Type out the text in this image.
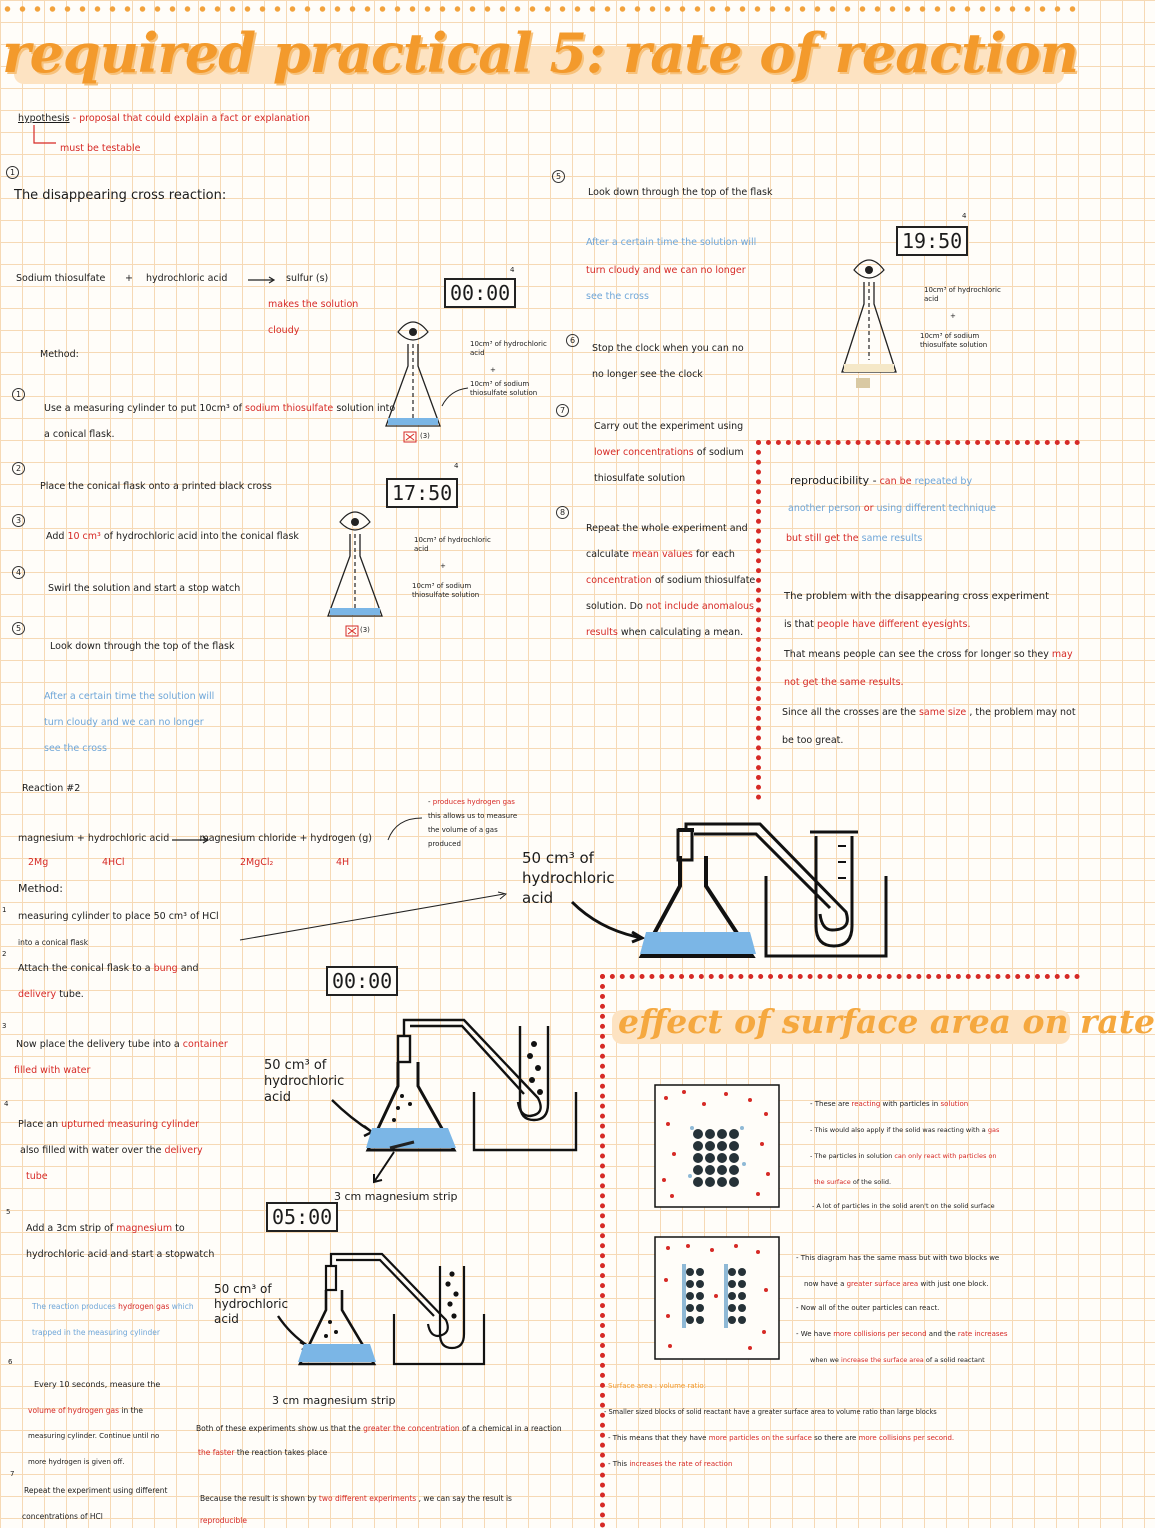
required practical 5: rate of reaction
hypothesis - proposal that could explain a fact or explanation
must be testable
1
The disappearing cross reaction:
Sodium thiosulfate + hydrochloric acid	sulfur (s)
makes the solution
cloudy
Method:
1
Use a measuring cylinder to put 10cm³ of sodium thiosulfate solution into
a conical flask.
2
Place the conical flask onto a printed black cross
3
Add 10 cm³ of hydrochloric acid into the conical flask
4
Swirl the solution and start a stop watch
5
Look down through the top of the flask
After a certain time the solution will
turn cloudy and we can no longer
see the cross
00:00
4
(3)
10cm³ of hydrochloric acid
+
10cm³ of sodium thiosulfate solution
17:50
4
(3)
10cm³ of hydrochloric acid
+
10cm³ of sodium thiosulfate solution
5
Look down through the top of the flask
After a certain time the solution will
turn cloudy and we can no longer
see the cross
6
Stop the clock when you can no
no longer see the clock
7
Carry out the experiment using
lower concentrations of sodium
thiosulfate solution
8
Repeat the whole experiment and
calculate mean values for each
concentration of sodium thiosulfate
solution. Do not include anomalous
results when calculating a mean.
19:50
4
10cm³ of hydrochloric acid
+
10cm³ of sodium thiosulfate solution
reproducibility - can be repeated by
another person or using different technique
but still get the same results
The problem with the disappearing cross experiment
is that people have different eyesights.
That means people can see the cross for longer so they may
not get the same results.
Since all the crosses are the same size , the problem may not
be too great.
Reaction #2
magnesium + hydrochloric acid	magnesium chloride + hydrogen (g)
2Mg	4HCl	2MgCl₂	4H
- produces hydrogen gas
this allows us to measure
the volume of a gas
produced
Method:
1
measuring cylinder to place 50 cm³ of HCl
into a conical flask
2
Attach the conical flask to a bung and
delivery tube.
3
Now place the delivery tube into a container
filled with water
4
Place an upturned measuring cylinder
also filled with water over the delivery
tube
5
Add a 3cm strip of magnesium to
hydrochloric acid and start a stopwatch
The reaction produces hydrogen gas which
trapped in the measuring cylinder
6
Every 10 seconds, measure the
volume of hydrogen gas in the
measuring cylinder. Continue until no
more hydrogen is given off.
7
Repeat the experiment using different
concentrations of HCl
50 cm³ of hydrochloric acid
00:00
50 cm³ of hydrochloric acid
05:00
3 cm magnesium strip
50 cm³ of hydrochloric acid
3 cm magnesium strip
Both of these experiments show us that the greater the concentration of a chemical in a reaction
the faster the reaction takes place
Because the result is shown by two different experiments , we can say the result is
reproducible
effect of surface area on rate
- These are reacting with particles in solution
- This would also apply if the solid was reacting with a gas
- The particles in solution can only react with particles on
the surface of the solid.
- A lot of particles in the solid aren't on the solid surface
- This diagram has the same mass but with two blocks we
now have a greater surface area with just one block.
- Now all of the outer particles can react.
- We have more collisions per second and the rate increases
when we increase the surface area of a solid reactant
Surface area : volume ratio:
- Smaller sized blocks of solid reactant have a greater surface area to volume ratio than large blocks
- This means that they have more particles on the surface so there are more collisions per second.
- This increases the rate of reaction
